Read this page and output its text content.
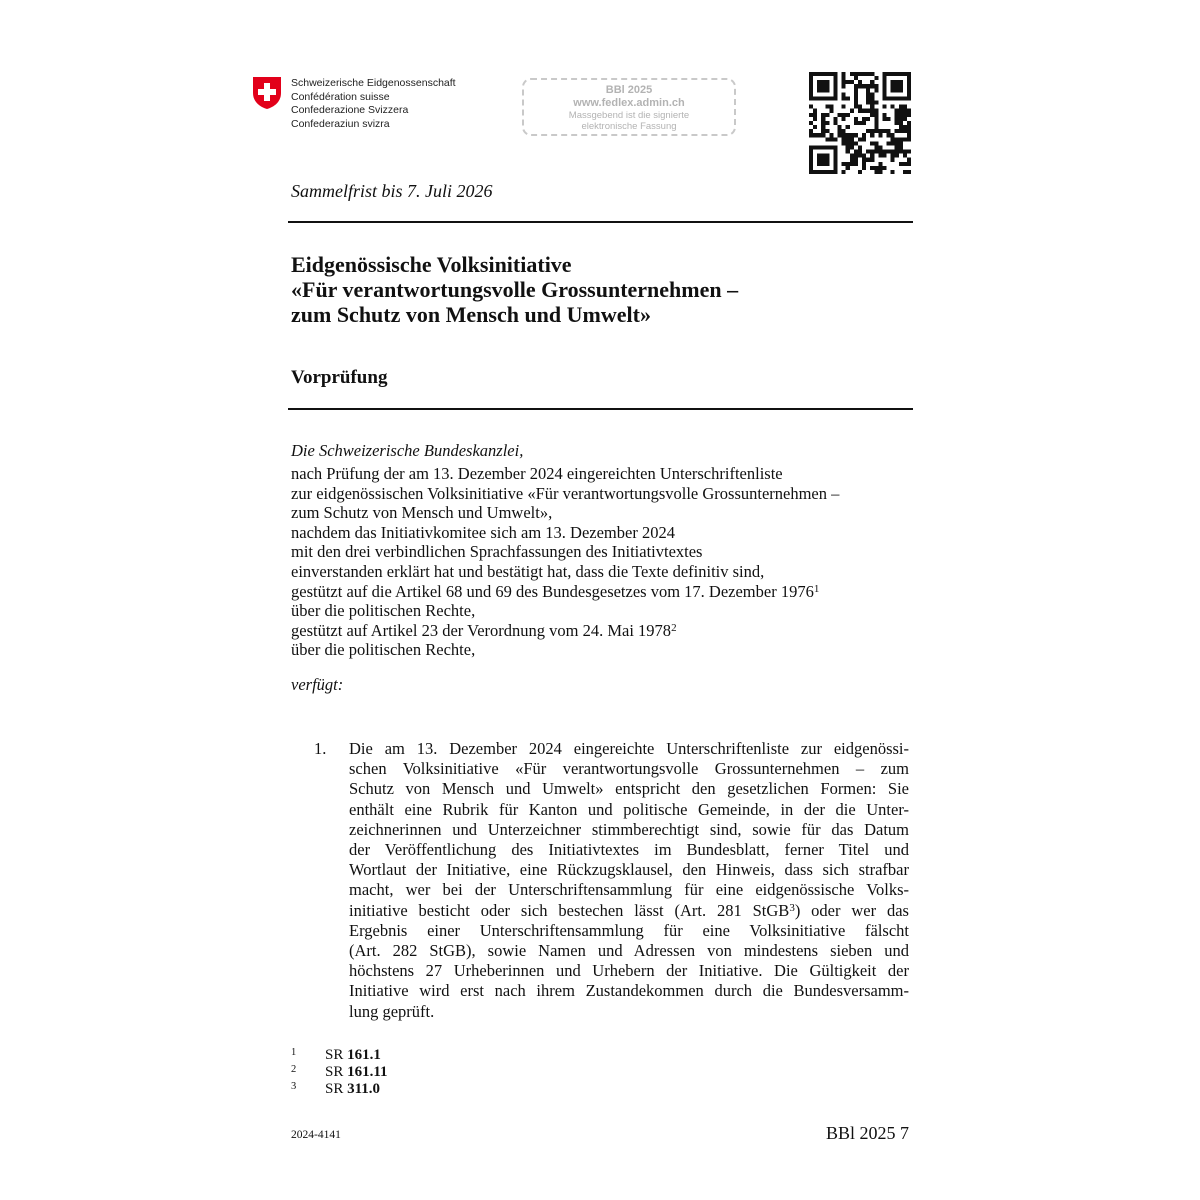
Schweizerische Eidgenossenschaft
Confédération suisse
Confederazione Svizzera
Confederaziun svizra
BBl 2025
www.fedlex.admin.ch
Massgebend ist die signierte
elektronische Fassung
Sammelfrist bis 7. Juli 2026
Eidgenössische Volksinitiative
«Für verantwortungsvolle Grossunternehmen –
zum Schutz von Mensch und Umwelt»
Vorprüfung
Die Schweizerische Bundeskanzlei,
nach Prüfung der am 13. Dezember 2024 eingereichten Unterschriftenliste
zur eidgenössischen Volksinitiative «Für verantwortungsvolle Grossunternehmen –
zum Schutz von Mensch und Umwelt»,
nachdem das Initiativkomitee sich am 13. Dezember 2024
mit den drei verbindlichen Sprachfassungen des Initiativtextes
einverstanden erklärt hat und bestätigt hat, dass die Texte definitiv sind,
gestützt auf die Artikel 68 und 69 des Bundesgesetzes vom 17. Dezember 1976$^1$
über die politischen Rechte,
gestützt auf Artikel 23 der Verordnung vom 24. Mai 1978$^2$
über die politischen Rechte,
verfügt:
1. Die am 13. Dezember 2024 eingereichte Unterschriftenliste zur eidgenössi-
schen Volksinitiative «Für verantwortungsvolle Grossunternehmen – zum
Schutz von Mensch und Umwelt» entspricht den gesetzlichen Formen: Sie
enthält eine Rubrik für Kanton und politische Gemeinde, in der die Unter-
zeichnerinnen und Unterzeichner stimmberechtigt sind, sowie für das Datum
der Veröffentlichung des Initiativtextes im Bundesblatt, ferner Titel und
Wortlaut der Initiative, eine Rückzugsklausel, den Hinweis, dass sich strafbar
macht, wer bei der Unterschriftensammlung für eine eidgenössische Volks-
initiative besticht oder sich bestechen lässt (Art. 281 StGB$^3$) oder wer das
Ergebnis einer Unterschriftensammlung für eine Volksinitiative fälscht
(Art. 282 StGB), sowie Namen und Adressen von mindestens sieben und
höchstens 27 Urheberinnen und Urhebern der Initiative. Die Gültigkeit der
Initiative wird erst nach ihrem Zustandekommen durch die Bundesversamm-
lung geprüft.
1 SR 161.1
2 SR 161.11
3 SR 311.0
2024-4141	BBl 2025 7
